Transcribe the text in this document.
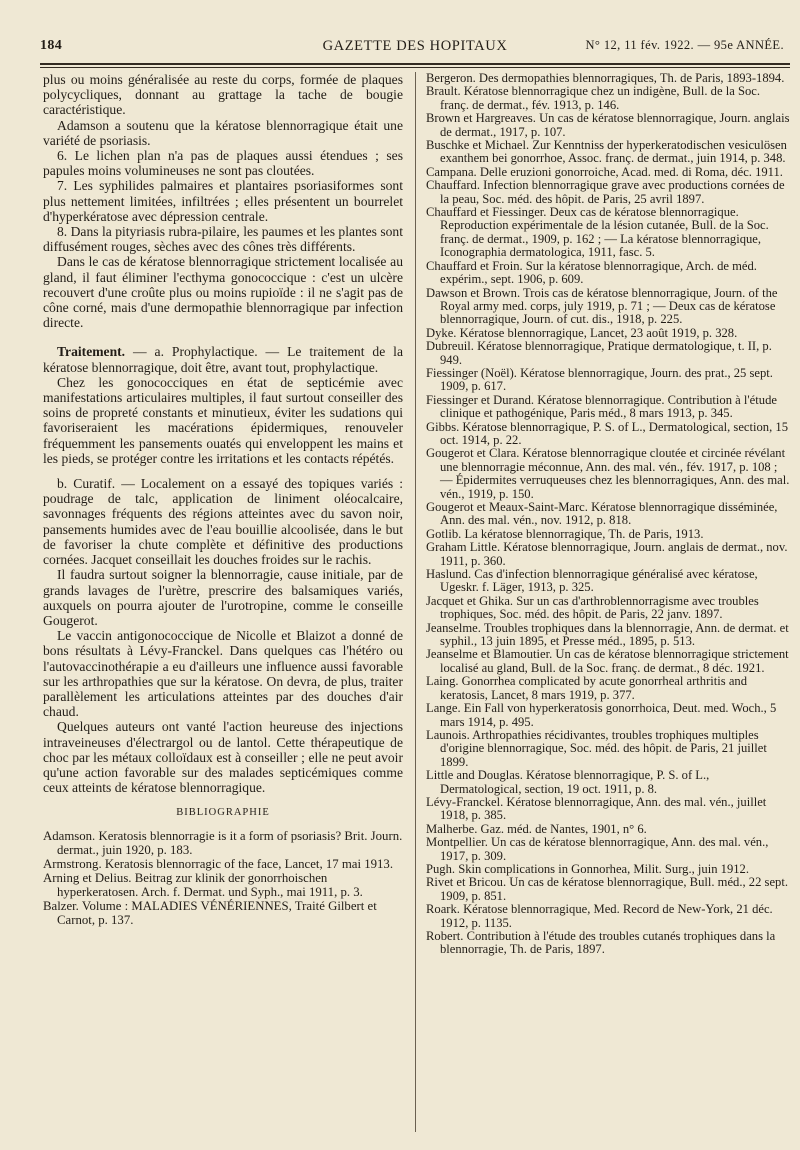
184	GAZETTE DES HOPITAUX	N° 12, 11 fév. 1922. — 95e ANNÉE.

plus ou moins généralisée au reste du corps, formée de plaques polycycliques, donnant au grattage la tache de bougie caractéristique.

Adamson a soutenu que la kératose blennorragique était une variété de psoriasis.

6. Le lichen plan n'a pas de plaques aussi étendues ; ses papules moins volumineuses ne sont pas cloutées.

7. Les syphilides palmaires et plantaires psoriasiformes sont plus nettement limitées, infiltrées ; elles présentent un bourrelet d'hyperkératose avec dépression centrale.

8. Dans la pityriasis rubra-pilaire, les paumes et les plantes sont diffusément rouges, sèches avec des cônes très différents.

Dans le cas de kératose blennorragique strictement localisée au gland, il faut éliminer l'ecthyma gonococcique : c'est un ulcère recouvert d'une croûte plus ou moins rupioïde : il ne s'agit pas de cône corné, mais d'une dermopathie blennorragique par infection directe.

Traitement. — a. Prophylactique. — Le traitement de la kératose blennorragique, doit être, avant tout, prophylactique.

Chez les gonococciques en état de septicémie avec manifestations articulaires multiples, il faut surtout conseiller des soins de propreté constants et minutieux, éviter les sudations qui favoriseraient les macérations épidermiques, renouveler fréquemment les pansements ouatés qui enveloppent les mains et les pieds, se protéger contre les irritations et les contacts répétés.

b. Curatif. — Localement on a essayé des topiques variés : poudrage de talc, application de liniment oléocalcaire, savonnages fréquents des régions atteintes avec du savon noir, pansements humides avec de l'eau bouillie alcoolisée, dans le but de favoriser la chute complète et définitive des productions cornées. Jacquet conseillait les douches froides sur le rachis.

Il faudra surtout soigner la blennorragie, cause initiale, par de grands lavages de l'urètre, prescrire des balsamiques variés, auxquels on pourra ajouter de l'urotropine, comme le conseille Gougerot.

Le vaccin antigonococcique de Nicolle et Blaizot a donné de bons résultats à Lévy-Franckel. Dans quelques cas l'hétéro ou l'autovaccinothérapie a eu d'ailleurs une influence aussi favorable sur les arthropathies que sur la kératose. On devra, de plus, traiter parallèlement les articulations atteintes par des douches d'air chaud.

Quelques auteurs ont vanté l'action heureuse des injections intraveineuses d'électrargol ou de lantol. Cette thérapeutique de choc par les métaux colloïdaux est à conseiller ; elle ne peut avoir qu'une action favorable sur des malades septicémiques comme ceux atteints de kératose blennorragique.

BIBLIOGRAPHIE

Adamson. Keratosis blennorragie is it a form of psoriasis? Brit. Journ. dermat., juin 1920, p. 183.

Armstrong. Keratosis blennorragic of the face, Lancet, 17 mai 1913.

Arning et Delius. Beitrag zur klinik der gonorrhoischen hyperkeratosen. Arch. f. Dermat. und Syph., mai 1911, p. 3.

Balzer. Volume : MALADIES VÉNÉRIENNES, Traité Gilbert et Carnot, p. 137.

Bergeron. Des dermopathies blennorragiques, Th. de Paris, 1893-1894.

Brault. Kératose blennorragique chez un indigène, Bull. de la Soc. franç. de dermat., fév. 1913, p. 146.

Brown et Hargreaves. Un cas de kératose blennorragique, Journ. anglais de dermat., 1917, p. 107.

Buschke et Michael. Zur Kenntniss der hyperkeratodischen vesiculösen exanthem bei gonorrhoe, Assoc. franç. de dermat., juin 1914, p. 348.

Campana. Delle eruzioni gonorroiche, Acad. med. di Roma, déc. 1911.

Chauffard. Infection blennorragique grave avec productions cornées de la peau, Soc. méd. des hôpit. de Paris, 25 avril 1897.

Chauffard et Fiessinger. Deux cas de kératose blennorragique. Reproduction expérimentale de la lésion cutanée, Bull. de la Soc. franç. de dermat., 1909, p. 162 ; — La kératose blennorragique, Iconographia dermatologica, 1911, fasc. 5.

Chauffard et Froin. Sur la kératose blennorragique, Arch. de méd. expérim., sept. 1906, p. 609.

Dawson et Brown. Trois cas de kératose blennorragique, Journ. of the Royal army med. corps, july 1919, p. 71 ; — Deux cas de kératose blennorragique, Journ. of cut. dis., 1918, p. 225.

Dyke. Kératose blennorragique, Lancet, 23 août 1919, p. 328.

Dubreuil. Kératose blennorragique, Pratique dermatologique, t. II, p. 949.

Fiessinger (Noël). Kératose blennorragique, Journ. des prat., 25 sept. 1909, p. 617.

Fiessinger et Durand. Kératose blennorragique. Contribution à l'étude clinique et pathogénique, Paris méd., 8 mars 1913, p. 345.

Gibbs. Kératose blennorragique, P. S. of L., Dermatological, section, 15 oct. 1914, p. 22.

Gougerot et Clara. Kératose blennorragique cloutée et circinée révélant une blennorragie méconnue, Ann. des mal. vén., fév. 1917, p. 108 ; — Épidermites verruqueuses chez les blennorragiques, Ann. des mal. vén., 1919, p. 150.

Gougerot et Meaux-Saint-Marc. Kératose blennorragique disséminée, Ann. des mal. vén., nov. 1912, p. 818.

Gotlib. La kératose blennorragique, Th. de Paris, 1913.

Graham Little. Kératose blennorragique, Journ. anglais de dermat., nov. 1911, p. 360.

Haslund. Cas d'infection blennorragique généralisé avec kératose, Ugeskr. f. Läger, 1913, p. 325.

Jacquet et Ghika. Sur un cas d'arthroblennorragisme avec troubles trophiques, Soc. méd. des hôpit. de Paris, 22 janv. 1897.

Jeanselme. Troubles trophiques dans la blennorragie, Ann. de dermat. et syphil., 13 juin 1895, et Presse méd., 1895, p. 513.

Jeanselme et Blamoutier. Un cas de kératose blennorragique strictement localisé au gland, Bull. de la Soc. franç. de dermat., 8 déc. 1921.

Laing. Gonorrhea complicated by acute gonorrheal arthritis and keratosis, Lancet, 8 mars 1919, p. 377.

Lange. Ein Fall von hyperkeratosis gonorrhoica, Deut. med. Woch., 5 mars 1914, p. 495.

Launois. Arthropathies récidivantes, troubles trophiques multiples d'origine blennorragique, Soc. méd. des hôpit. de Paris, 21 juillet 1899.

Little and Douglas. Kératose blennorragique, P. S. of L., Dermatological, section, 19 oct. 1911, p. 8.

Lévy-Franckel. Kératose blennorragique, Ann. des mal. vén., juillet 1918, p. 385.

Malherbe. Gaz. méd. de Nantes, 1901, n° 6.

Montpellier. Un cas de kératose blennorragique, Ann. des mal. vén., 1917, p. 309.

Pugh. Skin complications in Gonnorhea, Milit. Surg., juin 1912.

Rivet et Bricou. Un cas de kératose blennorragique, Bull. méd., 22 sept. 1909, p. 851.

Roark. Kératose blennorragique, Med. Record de New-York, 21 déc. 1912, p. 1135.

Robert. Contribution à l'étude des troubles cutanés trophiques dans la blennorragie, Th. de Paris, 1897.
